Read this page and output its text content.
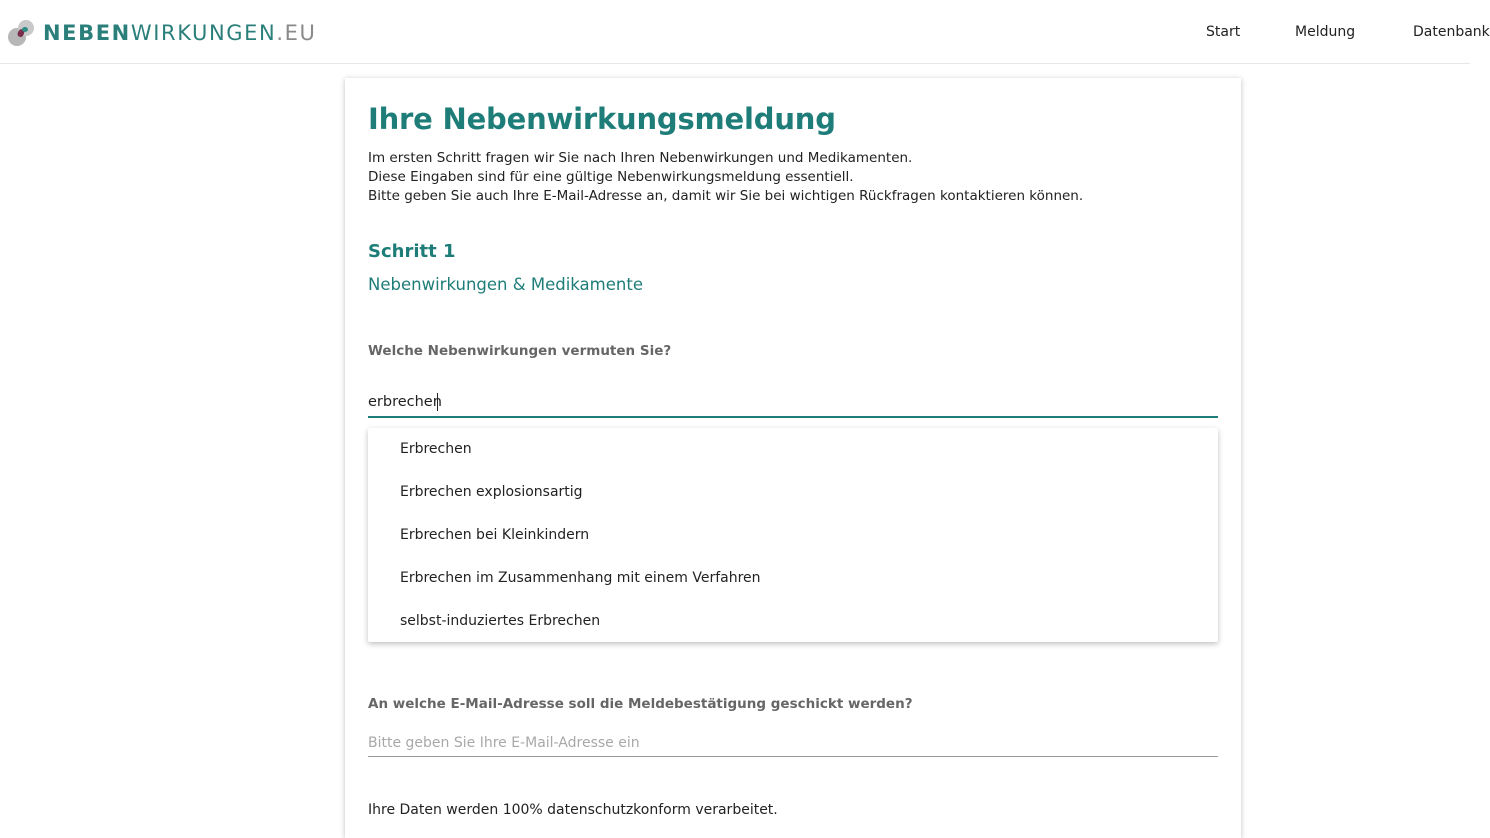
NEBENWIRKUNGEN.EU	Start	Meldung	Datenbank
Ihre Nebenwirkungsmeldung
Im ersten Schritt fragen wir Sie nach Ihren Nebenwirkungen und Medikamenten.
Diese Eingaben sind für eine gültige Nebenwirkungsmeldung essentiell.
Bitte geben Sie auch Ihre E-Mail-Adresse an, damit wir Sie bei wichtigen Rückfragen kontaktieren können.
Schritt 1
Nebenwirkungen & Medikamente
Welche Nebenwirkungen vermuten Sie?
erbrechen
Erbrechen
Erbrechen explosionsartig
Erbrechen bei Kleinkindern
Erbrechen im Zusammenhang mit einem Verfahren
selbst-induziertes Erbrechen
An welche E-Mail-Adresse soll die Meldebestätigung geschickt werden?
Bitte geben Sie Ihre E-Mail-Adresse ein
Ihre Daten werden 100% datenschutzkonform verarbeitet.
